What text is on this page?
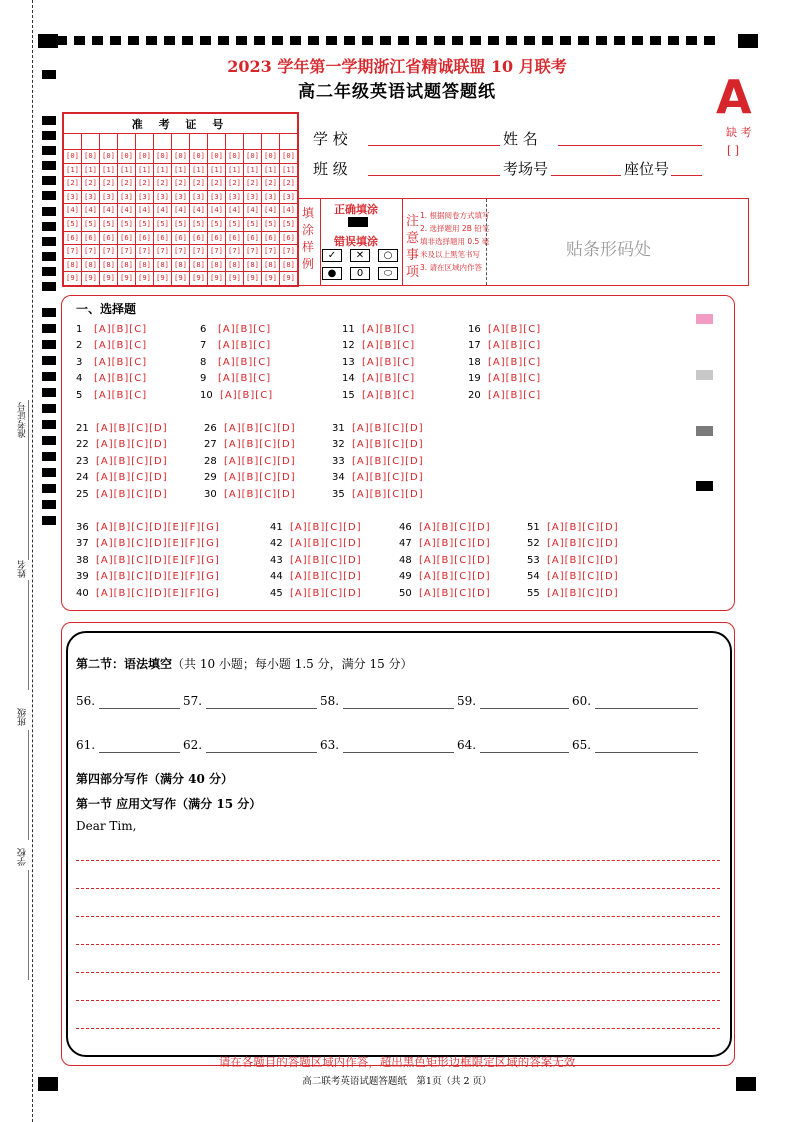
准考证号
姓名
班级
学校
2023 学年第一学期浙江省精诚联盟 10 月联考
高二年级英语试题答题纸	A
缺 考
[ ]
准 考 证 号												

[0]	[0]	[0]	[0]	[0]	[0]	[0]	[0]	[0]	[0]	[0]	[0]	[0]
[1]	[1]	[1]	[1]	[1]	[1]	[1]	[1]	[1]	[1]	[1]	[1]	[1]
[2]	[2]	[2]	[2]	[2]	[2]	[2]	[2]	[2]	[2]	[2]	[2]	[2]
[3]	[3]	[3]	[3]	[3]	[3]	[3]	[3]	[3]	[3]	[3]	[3]	[3]
[4]	[4]	[4]	[4]	[4]	[4]	[4]	[4]	[4]	[4]	[4]	[4]	[4]
[5]	[5]	[5]	[5]	[5]	[5]	[5]	[5]	[5]	[5]	[5]	[5]	[5]
[6]	[6]	[6]	[6]	[6]	[6]	[6]	[6]	[6]	[6]	[6]	[6]	[6]
[7]	[7]	[7]	[7]	[7]	[7]	[7]	[7]	[7]	[7]	[7]	[7]	[7]
[8]	[8]	[8]	[8]	[8]	[8]	[8]	[8]	[8]	[8]	[8]	[8]	[8]
[9]	[9]	[9]	[9]	[9]	[9]	[9]	[9]	[9]	[9]	[9]	[9]	[9]
学 校	姓 名
班 级	考场号	座位号
填涂样例
正确填涂
错误填涂
✓	✕	○
●	0	⬭
注意事项
1. 根据阅卷方式填写
2. 选择题用 2B 铅笔
填非选择题用 0.5 毫
米及以上黑笔书写
3. 请在区域内作答
贴条形码处
一、选择题
1 [A][B][C]
2 [A][B][C]
3 [A][B][C]
4 [A][B][C]
5 [A][B][C]
6 [A][B][C]
7 [A][B][C]
8 [A][B][C]
9 [A][B][C]
10 [A][B][C]
11 [A][B][C]
12 [A][B][C]
13 [A][B][C]
14 [A][B][C]
15 [A][B][C]
16 [A][B][C]
17 [A][B][C]
18 [A][B][C]
19 [A][B][C]
20 [A][B][C]
21 [A][B][C][D]
22 [A][B][C][D]
23 [A][B][C][D]
24 [A][B][C][D]
25 [A][B][C][D]
26 [A][B][C][D]
27 [A][B][C][D]
28 [A][B][C][D]
29 [A][B][C][D]
30 [A][B][C][D]
31 [A][B][C][D]
32 [A][B][C][D]
33 [A][B][C][D]
34 [A][B][C][D]
35 [A][B][C][D]
36 [A][B][C][D][E][F][G]
37 [A][B][C][D][E][F][G]
38 [A][B][C][D][E][F][G]
39 [A][B][C][D][E][F][G]
40 [A][B][C][D][E][F][G]
41 [A][B][C][D]
42 [A][B][C][D]
43 [A][B][C][D]
44 [A][B][C][D]
45 [A][B][C][D]
46 [A][B][C][D]
47 [A][B][C][D]
48 [A][B][C][D]
49 [A][B][C][D]
50 [A][B][C][D]
51 [A][B][C][D]
52 [A][B][C][D]
53 [A][B][C][D]
54 [A][B][C][D]
55 [A][B][C][D]
第二节：语法填空（共 10 小题；每小题 1.5 分，满分 15 分）
56.	57.	58.	59.	60.
61.	62.	63.	64.	65.
第四部分写作（满分 40 分）
第一节 应用文写作（满分 15 分）
Dear Tim,
请在各题目的答题区域内作答，超出黑色矩形边框限定区域的答案无效
高二联考英语试题答题纸　第1页（共 2 页）
